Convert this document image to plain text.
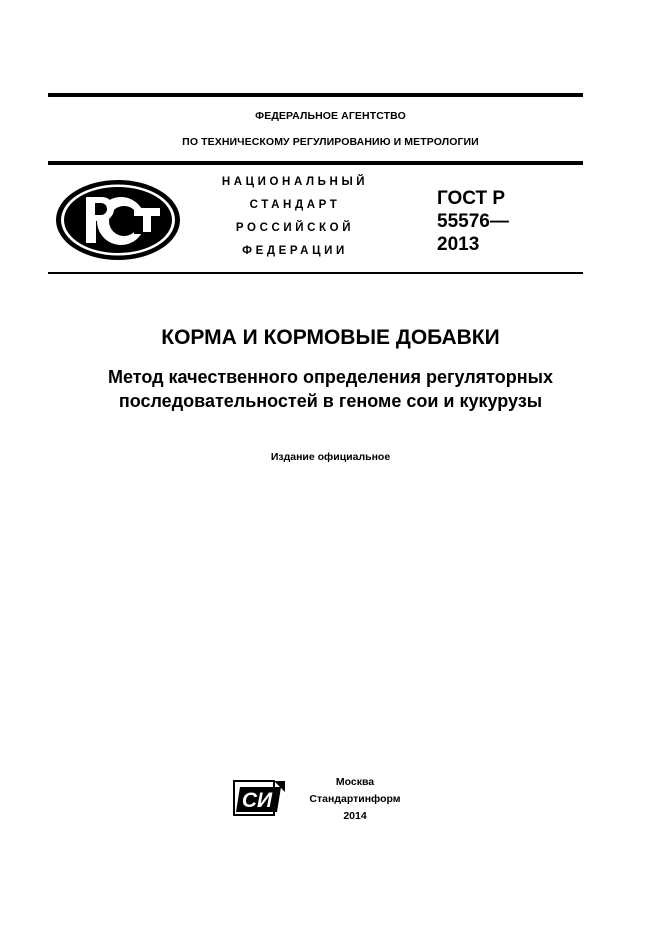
ФЕДЕРАЛЬНОЕ АГЕНТСТВО
ПО ТЕХНИЧЕСКОМУ РЕГУЛИРОВАНИЮ И МЕТРОЛОГИИ
НАЦИОНАЛЬНЫЙ
СТАНДАРТ
РОССИЙСКОЙ
ФЕДЕРАЦИИ
ГОСТ Р
55576—
2013
КОРМА И КОРМОВЫЕ ДОБАВКИ
Метод качественного определения регуляторных
последовательностей в геноме сои и кукурузы
Издание официальное
СИ
Москва
Стандартинформ
2014
